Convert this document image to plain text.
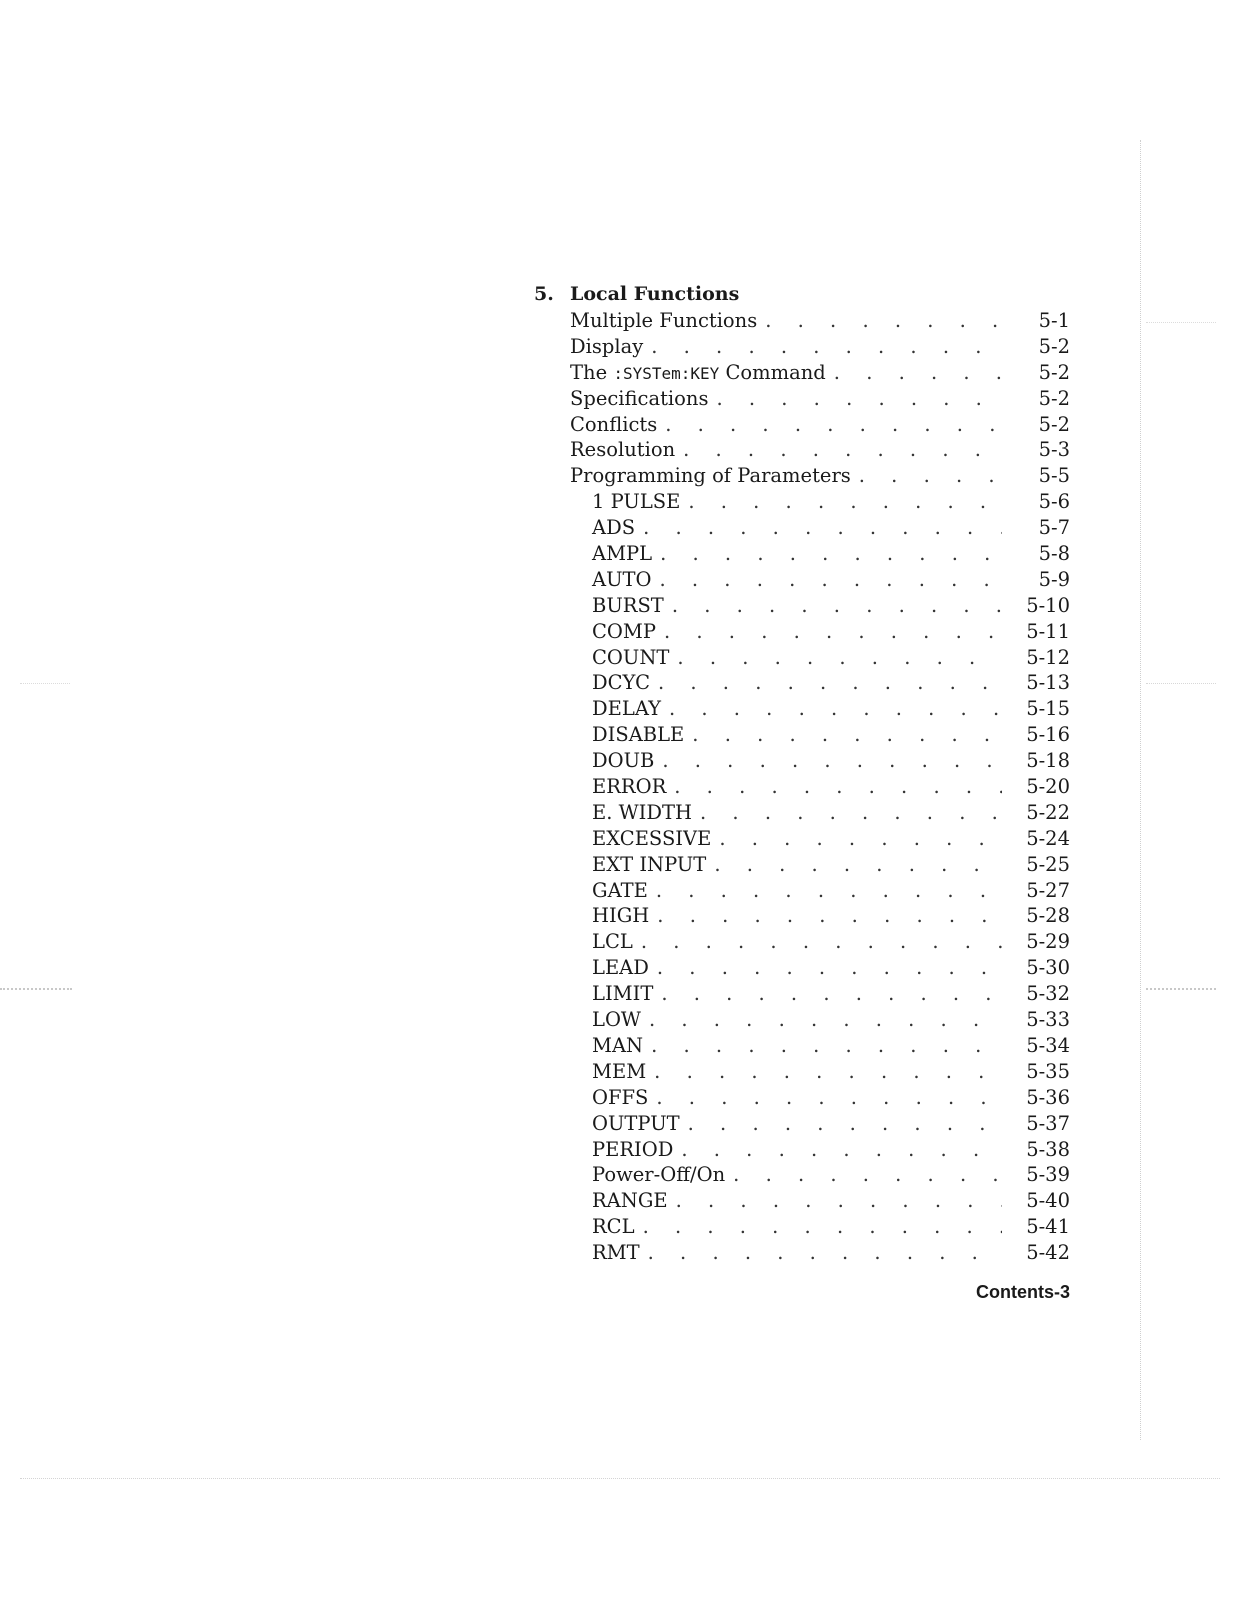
5. Local Functions
Multiple Functions . . .	5-1
Display . . .	5-2
The :SYSTem:KEY Command . . .	5-2
Specifications . . .	5-2
Conflicts . . .	5-2
Resolution . . .	5-3
Programming of Parameters . . .	5-5
1 PULSE . . .	5-6
ADS . . .	5-7
AMPL . . .	5-8
AUTO . . .	5-9
BURST . . .	5-10
COMP . . .	5-11
COUNT . . .	5-12
DCYC . . .	5-13
DELAY . . .	5-15
DISABLE . . .	5-16
DOUB . . .	5-18
ERROR . . .	5-20
E. WIDTH . . .	5-22
EXCESSIVE . . .	5-24
EXT INPUT . . .	5-25
GATE . . .	5-27
HIGH . . .	5-28
LCL . . .	5-29
LEAD . . .	5-30
LIMIT . . .	5-32
LOW . . .	5-33
MAN . . .	5-34
MEM . . .	5-35
OFFS . . .	5-36
OUTPUT . . .	5-37
PERIOD . . .	5-38
Power-Off/On . . .	5-39
RANGE . . .	5-40
RCL . . .	5-41
RMT . . .	5-42
Contents-3
